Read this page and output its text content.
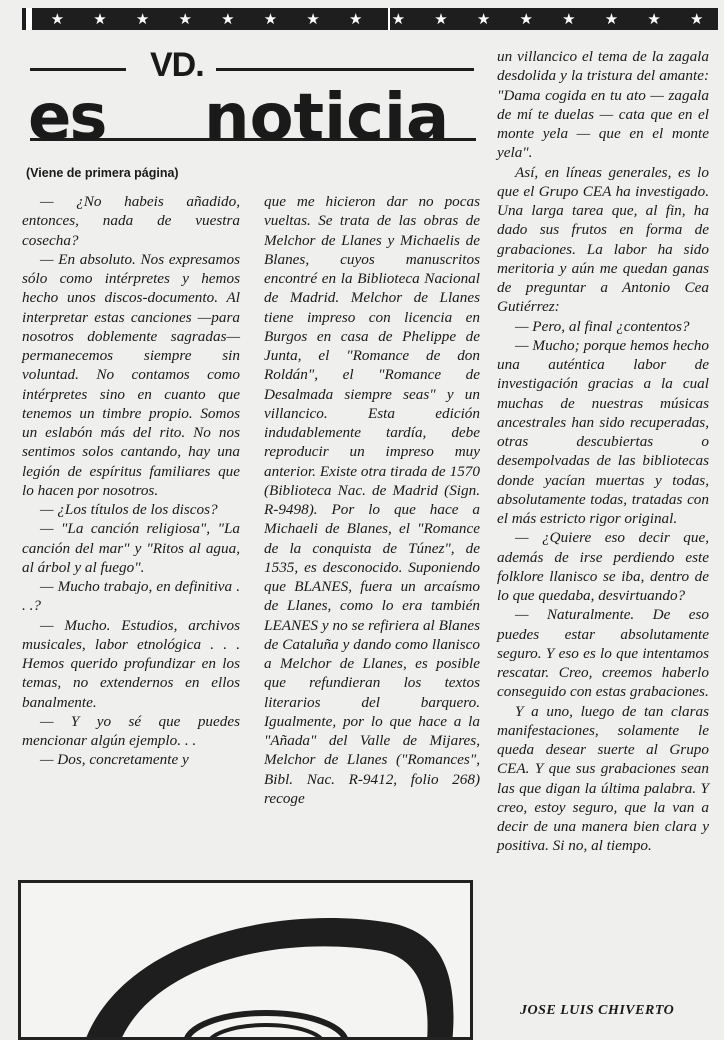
★ ★ ★ ★ ★ ★ ★ ★ ★ ★ ★ ★ ★ ★ ★ ★
VD.
es noticia
(Viene de primera página)

— ¿No habeis añadido, entonces, nada de vuestra cosecha?

— En absoluto. Nos expresamos sólo como intérpretes y hemos hecho unos discos-documento. Al interpretar estas canciones —para nosotros doblemente sagradas— permanecemos siempre sin voluntad. No contamos como intérpretes sino en cuanto que tenemos un timbre propio. Somos un eslabón más del rito. No nos sentimos solos cantando, hay una legión de espíritus familiares que lo hacen por nosotros.

— ¿Los títulos de los discos?

— "La canción religiosa", "La canción del mar" y "Ritos al agua, al árbol y al fuego".

— Mucho trabajo, en definitiva . . .?

— Mucho. Estudios, archivos musicales, labor etnológica . . . Hemos querido profundizar en los temas, no extendernos en ellos banalmente.

— Y yo sé que puedes mencionar algún ejemplo. . .

— Dos, concretamente y

que me hicieron dar no pocas vueltas. Se trata de las obras de Melchor de Llanes y Michaelis de Blanes, cuyos manuscritos encontré en la Biblioteca Nacional de Madrid. Melchor de Llanes tiene impreso con licencia en Burgos en casa de Phelippe de Junta, el "Romance de don Roldán", el "Romance de Desalmada siempre seas" y un villancico. Esta edición indudablemente tardía, debe reproducir un impreso muy anterior. Existe otra tirada de 1570 (Biblioteca Nac. de Madrid (Sign. R-9498). Por lo que hace a Michaeli de Blanes, el "Romance de la conquista de Túnez", de 1535, es desconocido. Suponiendo que BLANES, fuera un arcaísmo de Llanes, como lo era también LEANES y no se refiriera al Blanes de Cataluña y dando como llanisco a Melchor de Llanes, es posible que refundieran los textos literarios del barquero. Igualmente, por lo que hace a la "Añada" del Valle de Mijares, Melchor de Llanes ("Romances", Bibl. Nac. R-9412, folio 268) recoge

un villancico el tema de la zagala desdolida y la tristura del amante: "Dama cogida en tu ato — zagala de mí te duelas — cata que en el monte yela — que en el monte yela".

Así, en líneas generales, es lo que el Grupo CEA ha investigado. Una larga tarea que, al fin, ha dado sus frutos en forma de grabaciones. La labor ha sido meritoria y aún me quedan ganas de preguntar a Antonio Cea Gutiérrez:

— Pero, al final ¿contentos?

— Mucho; porque hemos hecho una auténtica labor de investigación gracias a la cual muchas de nuestras músicas ancestrales han sido recuperadas, otras descubiertas o desempolvadas de las bibliotecas donde yacían muertas y todas, absolutamente todas, tratadas con el más estricto rigor original.

— ¿Quiere eso decir que, además de irse perdiendo este folklore llanisco se iba, dentro de lo que quedaba, desvirtuando?

— Naturalmente. De eso puedes estar absolutamente seguro. Y eso es lo que intentamos rescatar. Creo, creemos haberlo conseguido con estas grabaciones.

Y a uno, luego de tan claras manifestaciones, solamente le queda desear suerte al Grupo CEA. Y que sus grabaciones sean las que digan la última palabra. Y creo, estoy seguro, que la van a decir de una manera bien clara y positiva. Si no, al tiempo.

JOSE LUIS CHIVERTO
